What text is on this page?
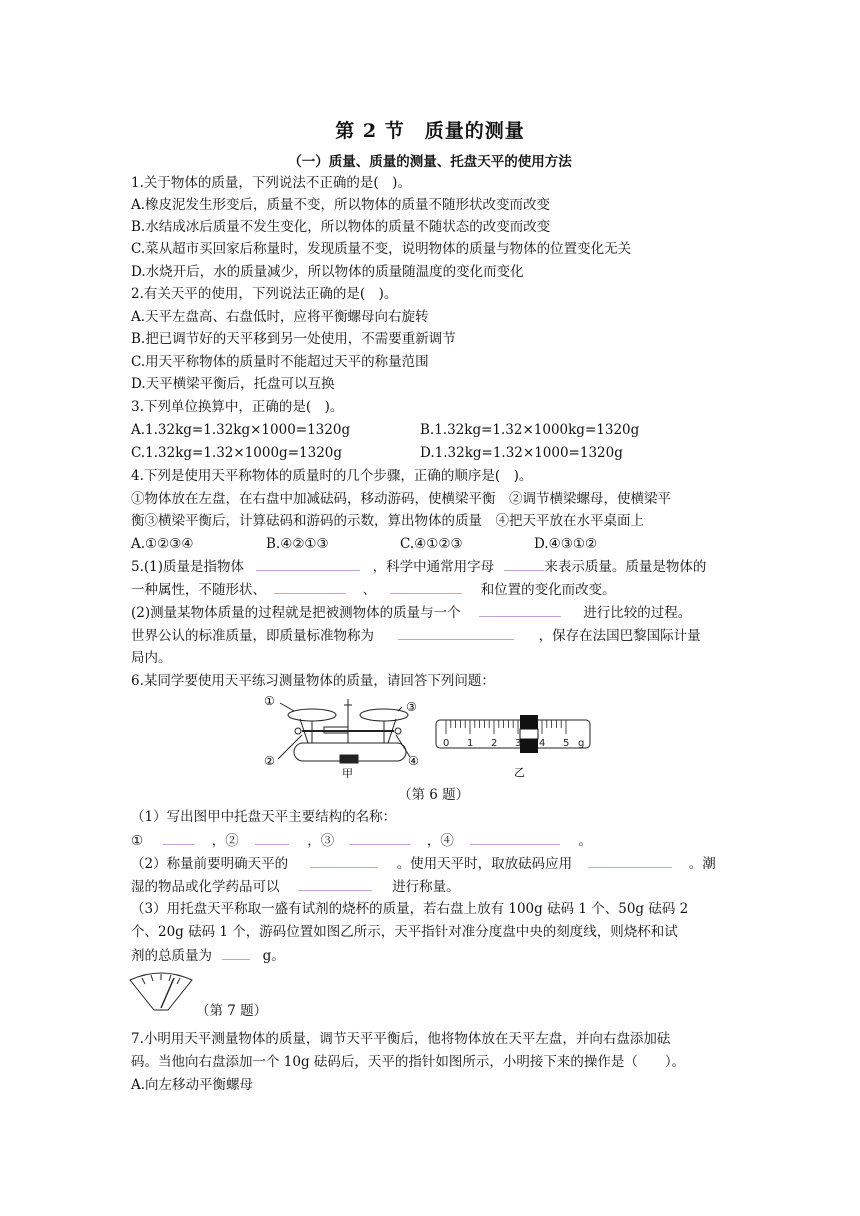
第 2 节　质量的测量
（一）质量、质量的测量、托盘天平的使用方法
1.关于物体的质量，下列说法不正确的是(　)。
A.橡皮泥发生形变后，质量不变，所以物体的质量不随形状改变而改变
B.水结成冰后质量不发生变化，所以物体的质量不随状态的改变而改变
C.菜从超市买回家后称量时，发现质量不变，说明物体的质量与物体的位置变化无关
D.水烧开后，水的质量减少，所以物体的质量随温度的变化而变化
2.有关天平的使用，下列说法正确的是(　)。
A.天平左盘高、右盘低时，应将平衡螺母向右旋转
B.把已调节好的天平移到另一处使用，不需要重新调节
C.用天平称物体的质量时不能超过天平的称量范围
D.天平横梁平衡后，托盘可以互换
3.下列单位换算中，正确的是(　)。
A.1.32kg=1.32kg×1000=1320g	B.1.32kg=1.32×1000kg=1320g
C.1.32kg=1.32×1000g=1320g	D.1.32kg=1.32×1000=1320g
4.下列是使用天平称物体的质量时的几个步骤，正确的顺序是(　)。
①物体放在左盘，在右盘中加减砝码，移动游码，使横梁平衡　②调节横梁螺母，使横梁平
衡③横梁平衡后，计算砝码和游码的示数，算出物体的质量　④把天平放在水平桌面上
A.①②③④	B.④②①③	C.④①②③	D.④③①②
5.(1)质量是指物体	，科学中通常用字母	来表示质量。质量是物体的
一种属性，不随形状、	、	和位置的变化而改变。
(2)测量某物体质量的过程就是把被测物体的质量与一个	进行比较的过程。
世界公认的标准质量，即质量标准物称为	，保存在法国巴黎国际计量
局内。
6.某同学要使用天平练习测量物体的质量，请回答下列问题：
①	③
②	④
甲
0 1 2 3 4 5 g
乙
（第 6 题）
（1）写出图甲中托盘天平主要结构的名称：
①	，②	，③	，④	。
（2）称量前要明确天平的	。使用天平时，取放砝码应用	。潮
湿的物品或化学药品可以	进行称量。
（3）用托盘天平称取一盛有试剂的烧杯的质量，若右盘上放有 100g 砝码 1 个、50g 砝码 2
个、20g 砝码 1 个，游码位置如图乙所示，天平指针对准分度盘中央的刻度线，则烧杯和试
剂的总质量为	g。
（第 7 题）
7.小明用天平测量物体的质量，调节天平平衡后，他将物体放在天平左盘，并向右盘添加砝
码。当他向右盘添加一个 10g 砝码后，天平的指针如图所示，小明接下来的操作是（　　）。
A.向左移动平衡螺母
